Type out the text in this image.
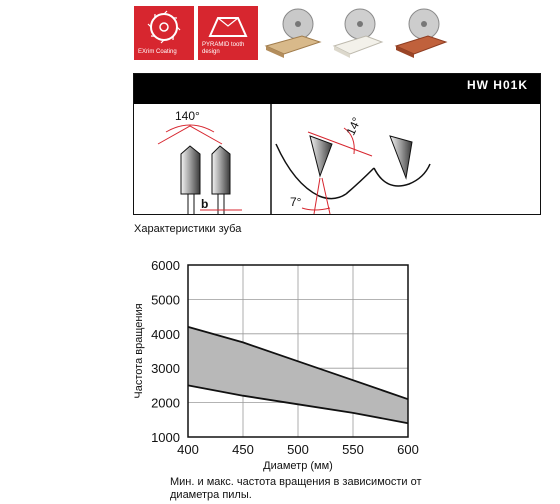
EXrim Coating
PYRAMID tooth
design
HW H01K
140°
b
14°
7°
Характеристики зуба
400	450	500	550	600
1000
2000
3000
4000
5000
6000
Диаметр (мм)
Частота вращения
Мин. и макс. частота вращения в зависимости от диаметра пилы.
